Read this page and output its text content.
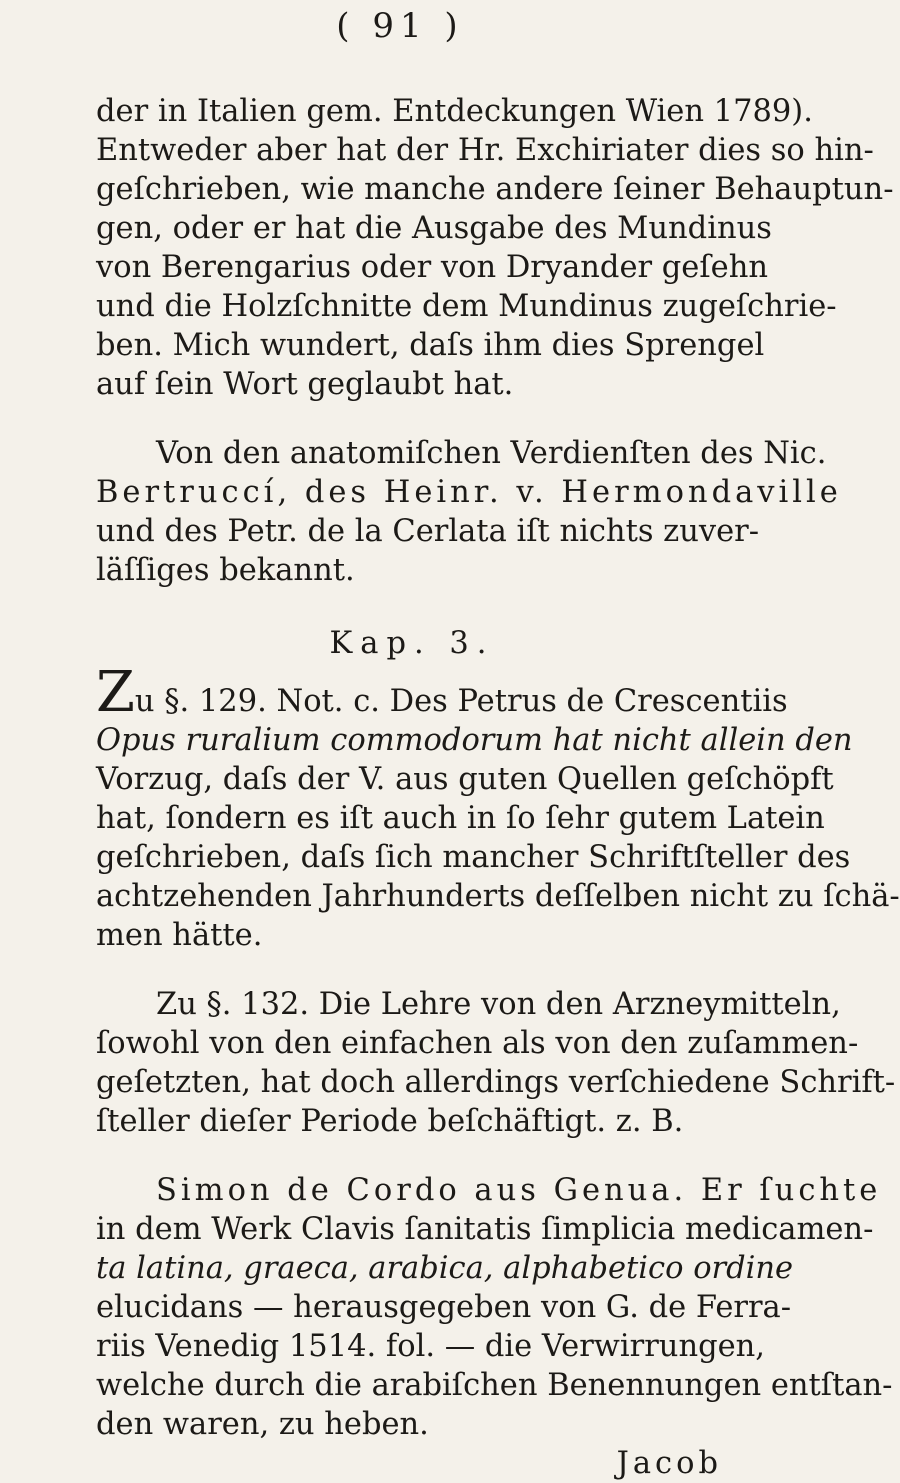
( 91 )
der in Italien gem. Entdeckungen Wien 1789).
Entweder aber hat der Hr. Exchiriater dies so hin-
geſchrieben, wie manche andere ſeiner Behauptun-
gen, oder er hat die Ausgabe des Mundinus
von Berengarius oder von Dryander geſehn
und die Holzſchnitte dem Mundinus zugeſchrie-
ben. Mich wundert, daſs ihm dies Sprengel
auf ſein Wort geglaubt hat.
Von den anatomiſchen Verdienſten des Nic.
Bertruccí, des Heinr. v. Hermondaville
und des Petr. de la Cerlata iſt nichts zuver-
läſſiges bekannt.
Kap. 3.
Zu §. 129. Not. c. Des Petrus de Crescentiis
Opus ruralium commodorum hat nicht allein den
Vorzug, daſs der V. aus guten Quellen geſchöpft
hat, ſondern es iſt auch in ſo ſehr gutem Latein
geſchrieben, daſs ſich mancher Schriftſteller des
achtzehenden Jahrhunderts deſſelben nicht zu ſchä-
men hätte.
Zu §. 132. Die Lehre von den Arzneymitteln,
ſowohl von den einfachen als von den zuſammen-
geſetzten, hat doch allerdings verſchiedene Schrift-
ſteller dieſer Periode beſchäftigt. z. B.
Simon de Cordo aus Genua. Er ſuchte
in dem Werk Clavis ſanitatis ſimplicia medicamen-
ta latina, graeca, arabica, alphabetico ordine
elucidans — herausgegeben von G. de Ferra-
riis Venedig 1514. fol. — die Verwirrungen,
welche durch die arabiſchen Benennungen entſtan-
den waren, zu heben.
Jacob
